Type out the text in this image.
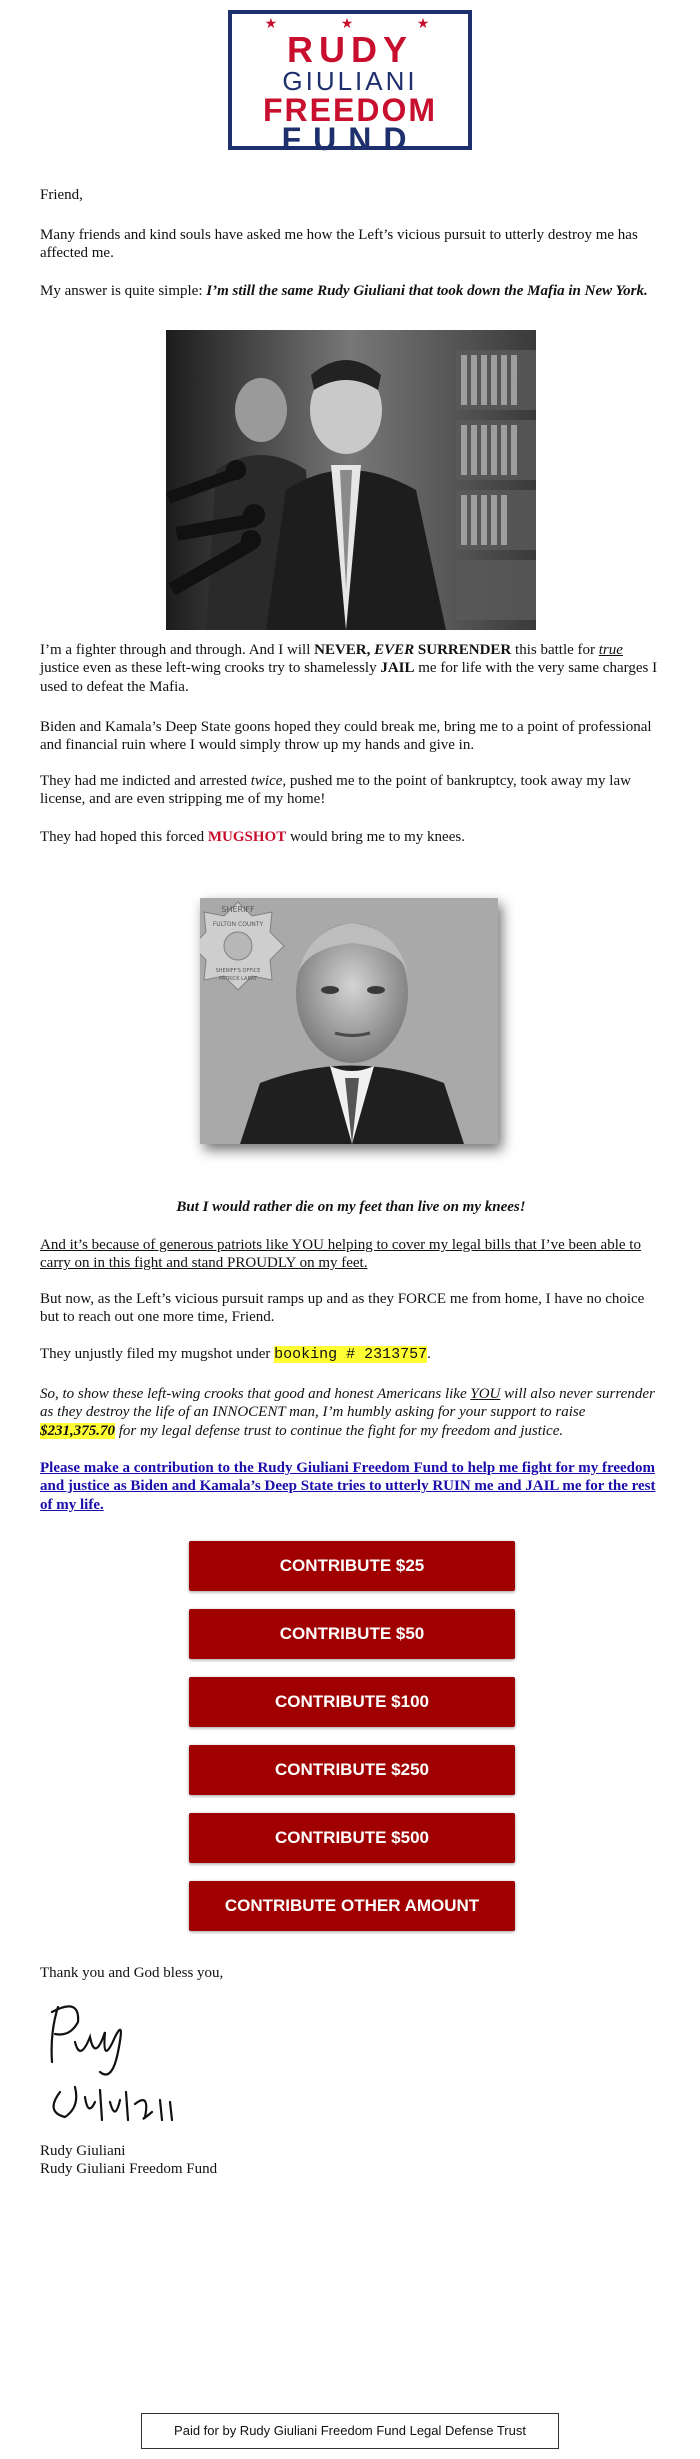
★ ★ ★
RUDY
GIULIANI
FREEDOM
FUND

Friend,

Many friends and kind souls have asked me how the Left’s vicious pursuit to utterly destroy me has affected me.

My answer is quite simple: I’m still the same Rudy Giuliani that took down the Mafia in New York.

I’m a fighter through and through. And I will NEVER, EVER SURRENDER this battle for true justice even as these left-wing crooks try to shamelessly JAIL me for life with the very same charges I used to defeat the Mafia.

Biden and Kamala’s Deep State goons hoped they could break me, bring me to a point of professional and financial ruin where I would simply throw up my hands and give in.

They had me indicted and arrested twice, pushed me to the point of bankruptcy, took away my law license, and are even stripping me of my home!

They had hoped this forced MUGSHOT would bring me to my knees.

SHERIFF
FULTON COUNTY
SHERIFF'S OFFICE
PATRICK LABAT

But I would rather die on my feet than live on my knees!

And it’s because of generous patriots like YOU helping to cover my legal bills that I’ve been able to carry on in this fight and stand PROUDLY on my feet.

But now, as the Left’s vicious pursuit ramps up and as they FORCE me from home, I have no choice but to reach out one more time, Friend.

They unjustly filed my mugshot under booking # 2313757.

So, to show these left-wing crooks that good and honest Americans like YOU will also never surrender as they destroy the life of an INNOCENT man, I’m humbly asking for your support to raise $231,375.70 for my legal defense trust to continue the fight for my freedom and justice.

Please make a contribution to the Rudy Giuliani Freedom Fund to help me fight for my freedom and justice as Biden and Kamala’s Deep State tries to utterly RUIN me and JAIL me for the rest of my life.

CONTRIBUTE $25
CONTRIBUTE $50
CONTRIBUTE $100
CONTRIBUTE $250
CONTRIBUTE $500
CONTRIBUTE OTHER AMOUNT

Thank you and God bless you,

Rudy Giuliani

Rudy Giuliani Freedom Fund

Paid for by Rudy Giuliani Freedom Fund Legal Defense Trust
